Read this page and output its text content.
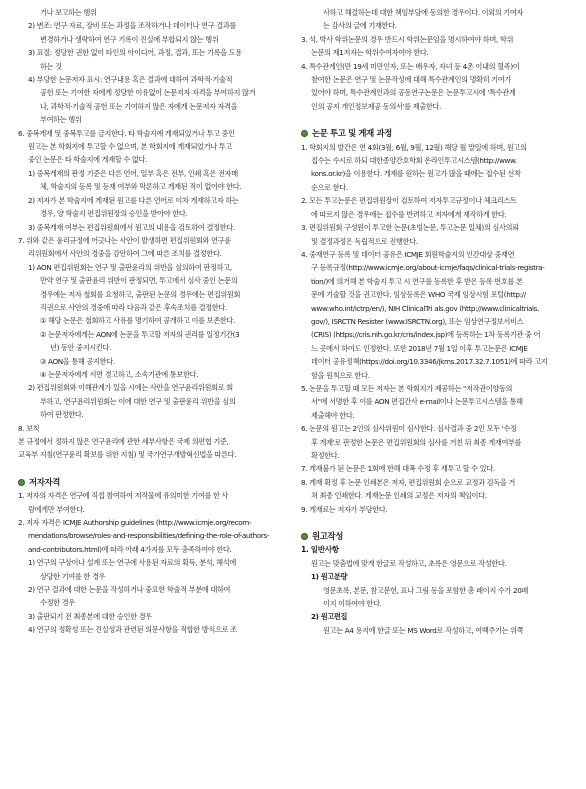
거나 보고하는 행위
2) 변조: 연구 자료, 장비 또는 과정을 조작하거나 데이터나 연구 결과를
변경하거나 생략하여 연구 기록이 진실에 부합되지 않는 행위
3) 표절: 정당한 권한 없이 타인의 아이디어, 과정, 결과, 또는 기록을 도용
하는 것
4) 부당한 논문저자 표시: 연구내용 혹은 결과에 대하여 과학적·기술적
공헌 또는 기여한 자에게 정당한 이유없이 논문저자 자격을 부여하지 않거
나, 과학적·기술적 공헌 또는 기여하지 않은 자에게 논문저자 자격을
부여하는 행위
6. 중복게재 및 중복투고를 금지한다. 타 학술지에 게재되었거나 투고 중인
원고는 본 학회지에 투고할 수 없으며, 본 학회지에 게재되었거나 투고
중인 논문은 타 학술지에 게재할 수 없다.
1) 중복게재의 판정 기준은 다른 언어, 일부 혹은 전부, 인쇄 혹은 전자매
체, 학술지의 등록 및 등재 여부와 막론하고 게재된 적이 없어야 한다.
2) 저자가 본 학술지에 게재된 원고를 다른 언어로 이차 게재하고자 하는
경우, 양 학술지 편집위원장의 승인을 받아야 한다.
3) 중복게재 여부는 편집위원회에서 원고의 내용을 검토하여 결정한다.
7. 위와 같은 윤리규정에 어긋나는 사안이 발생하면 편집위원회와 연구윤
리위원회에서 사안의 경중을 감안하여 그에 따른 조치를 결정한다.
1) AON 편집위원회는 연구 및 출판윤리의 위반을 심의하여 판정하고,
만약 연구 및 출판윤리 위반이 판정되면, 투고에서 심사 중인 논문의
경우에는 저자 철회를 요청하고, 출판된 논문의 경우에는 편집위원회
직권으로 사안의 경중에 따라 다음과 같은 후속조치를 결정한다.
① 해당 논문은 철회하고 사유를 명기하여 공개하고 이를 보존한다.
② 논문저자에게는 AON에 논문을 투고할 저자의 권리를 일정기간(3
년) 동안 중지시킨다.
③ AON을 통해 공지한다.
④ 논문저자에게 서면 경고하고, 소속기관에 통보한다.
2) 편집위원회와 이해관계가 있을 시에는 사안을 연구윤리위원회로 회
부하고, 연구윤리위원회는 이에 대한 연구 및 출판윤리 위반을 심의
하여 판정한다.
8. 보칙
본 규정에서 정하지 않은 연구윤리에 관한 세부사항은 국제 의편협 기준,
교육부 지침(연구윤리 확보를 위한 지침) 및 국가연구개발혁신법을 따른다.
저자자격
1. 저자의 자격은 연구에 직접 참여하여 저작물에 유의미한 기여를 한 사
람에게만 부여한다.
2. 저자 자격은 ICMJE Authorship guidelines (http://www.icmje.org/recom-
mendations/browse/roles-and-responsibilities/defining-the-role-of-authors-
and-contributors.html)에 따라 아래 4가지를 모두 충족하여야 한다.
1) 연구의 구상이나 설계 또는 연구에 사용된 자료의 획득, 분석, 해석에
상당한 기여를 한 경우
2) 연구 결과에 대한 논문을 작성하거나 중요한 학술적 부분에 대하여
수정한 경우
3) 출판되기 전 최종본에 대한 승인한 경우
4) 연구의 정확성 또는 진실성과 관련된 의문사항을 적합한 방식으로 조
사하고 해결하는데 대한 책임부담에 동의한 경우이다. 이외의 기여자
는 감사의 글에 기재한다.
3. 석, 박사 학위논문의 경우 반드시 학위논문임을 명시하여야 하며, 학위
논문의 제1저자는 학위수여자여야 한다.
4. 특수관계인(만 19세 미만인자, 또는 배우자, 자녀 등 4촌 이내의 혈족)이
참여한 논문은 연구 및 논문작성에 대해 특수관계인의 명확히 기여가
있어야 하며, 특수관계인과의 공동연구논문은 논문투고시에 '특수관계
인의 공저 개인정보제공 동의서'를 제출한다.
논문 투고 및 게재 과정
1. 학회지의 발간은 연 4회(3월, 6월, 9월, 12월) 해당 월 말일에 하며, 원고의
접수는 수시로 하되 대한종양간호학회 온라인투고시스템(http://www.
kons.or.kr)을 이용한다. 게재를 원하는 원고가 많을 때에는 접수된 선착
순으로 한다.
2. 모든 투고논문은 편집위원장이 검토하여 저자투고규정이나 체크리스트
에 따르지 않은 경우에는 접수를 반려하고 저자에게 재작하게 한다.
3. 편집위원회 구성원이 투고한 논문(초빙논문, 투고논문 일체)의 심사의뢰
및 결정과정은 독립적으로 진행한다.
4. 중재연구 등록 및 데이터 공유은 ICMJE 회원학술지의 인간대상 중재연
구 등록규정(http://www.icmje.org/about-icmje/faqs/clinical-trials-registra-
tion/)에 의거해 본 학술지 투고 시 연구를 등록한 후 받은 등록 번호를 본
문에 기술할 것을 권고한다. 임상등록은 WHO 국제 임상시험 포털(http://
www.who.int/ictrp/en/), NIH ClinicalTri als.gov (http://www.clinicaltrials.
gov/), ISRCTN Resister (www.ISRCTN.org), 또는 임상연구정보서비스
(CRIS) (https://cris.nih.go.kr/cris/index.jsp)에 등록하는 1차 등록기관 중 어
느 곳에서 하여도 인정한다. 또한 2018년 7월 1일 이후 투고논문은 ICMJE
데이터 공유정책(https://doi.org/10.3346/jkms.2017.32.7.1051)에 따라 고지
함을 원칙으로 한다.
5. 논문을 투고할 때 모든 저자는 본 학회지가 제공하는 "저작권이양동의
서"에 서명한 후 이를 AON 편집간사 e-mail이나 논문투고시스템을 통해
제출해야 한다.
6. 논문의 원고는 2인의 심사위원이 심사한다. 심사결과 중 2인 모두 '수정
후 게재'로 판정한 논문은 편집위원회의 심사를 거친 뒤 최종 게재여부를
확정한다.
7. 게재불가 된 논문은 1회에 한해 대폭 수정 후 재투고 할 수 있다.
8. 게재 확정 후 논문 인쇄본은 저자, 편집위원회 순으로 교정과 검독을 거
쳐 최종 인쇄한다. 게재논문 인쇄의 교정은 저자의 책임이다.
9. 게재료는 저자가 부담한다.
원고작성
1. 일반사항
원고는 맞춤법에 맞게 한글로 작성하고, 초록은 영문으로 작성한다.
1) 원고분량
영문초록, 본문, 참고문헌, 표나 그림 등을 포함한 총 페이지 수가 20페
이지 이하여야 한다.
2) 원고편집
원고는 A4 용지에 한글 또는 MS Word로 작성하고, 여백주기는 위쪽
